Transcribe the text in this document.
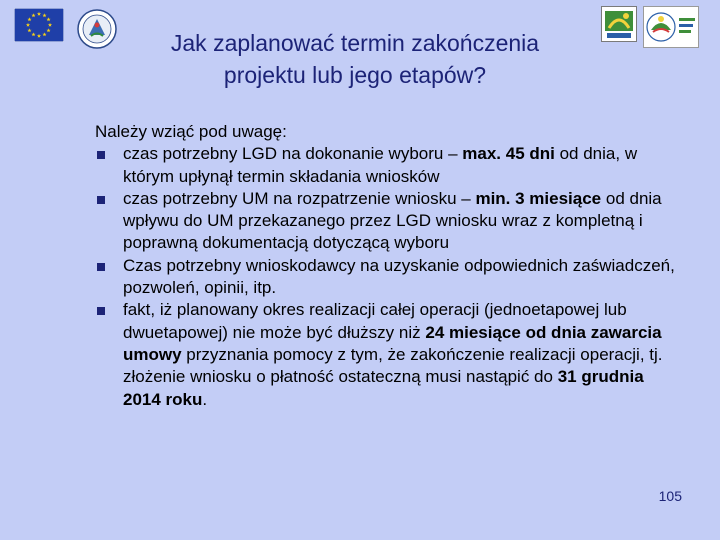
Jak zaplanować termin zakończenia
projektu lub jego etapów?
Należy wziąć pod uwagę:
czas potrzebny LGD na dokonanie wyboru – max. 45 dni od dnia, w którym upłynął termin składania wniosków
czas potrzebny UM na rozpatrzenie wniosku – min. 3 miesiące od dnia wpływu do UM przekazanego przez LGD wniosku wraz z kompletną i poprawną dokumentacją dotyczącą wyboru
Czas potrzebny wnioskodawcy na uzyskanie odpowiednich zaświadczeń, pozwoleń, opinii, itp.
fakt, iż planowany okres realizacji całej operacji (jednoetapowej lub dwuetapowej) nie może być dłuższy niż 24 miesiące od dnia zawarcia umowy przyznania pomocy z tym, że zakończenie realizacji operacji, tj. złożenie wniosku o płatność ostateczną musi nastąpić do 31 grudnia 2014 roku.
105
